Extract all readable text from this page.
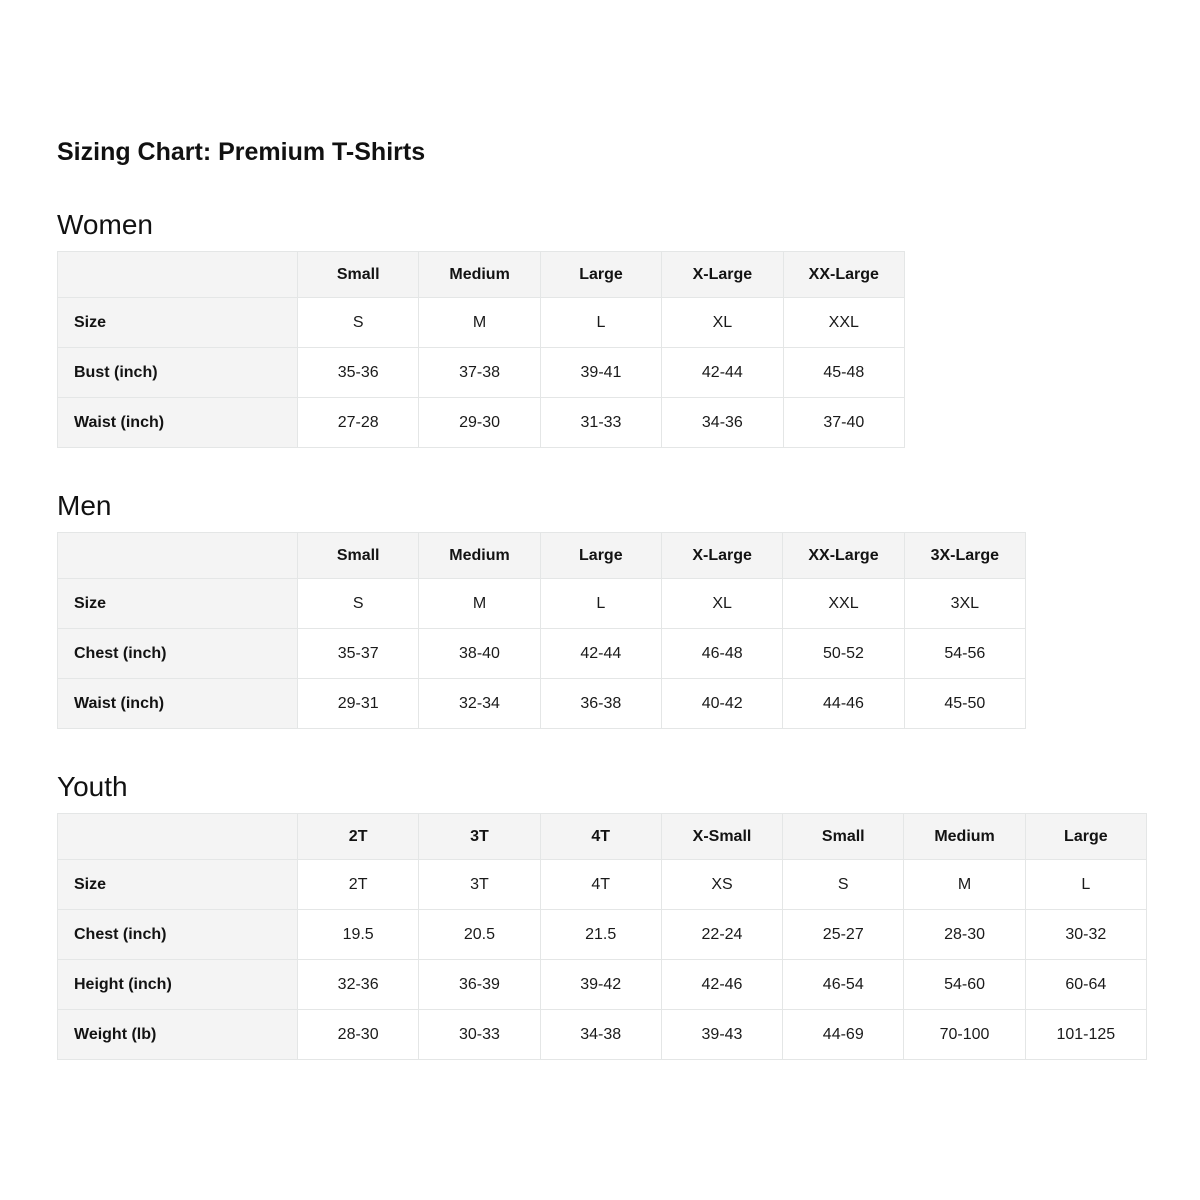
Sizing Chart: Premium T-Shirts
Women
	Small	Medium	Large	X-Large	XX-Large
Size	S	M	L	XL	XXL
Bust (inch)	35-36	37-38	39-41	42-44	45-48
Waist (inch)	27-28	29-30	31-33	34-36	37-40
Men
	Small	Medium	Large	X-Large	XX-Large	3X-Large
Size	S	M	L	XL	XXL	3XL
Chest (inch)	35-37	38-40	42-44	46-48	50-52	54-56
Waist (inch)	29-31	32-34	36-38	40-42	44-46	45-50
Youth
	2T	3T	4T	X-Small	Small	Medium	Large
Size	2T	3T	4T	XS	S	M	L
Chest (inch)	19.5	20.5	21.5	22-24	25-27	28-30	30-32
Height (inch)	32-36	36-39	39-42	42-46	46-54	54-60	60-64
Weight (lb)	28-30	30-33	34-38	39-43	44-69	70-100	101-125
